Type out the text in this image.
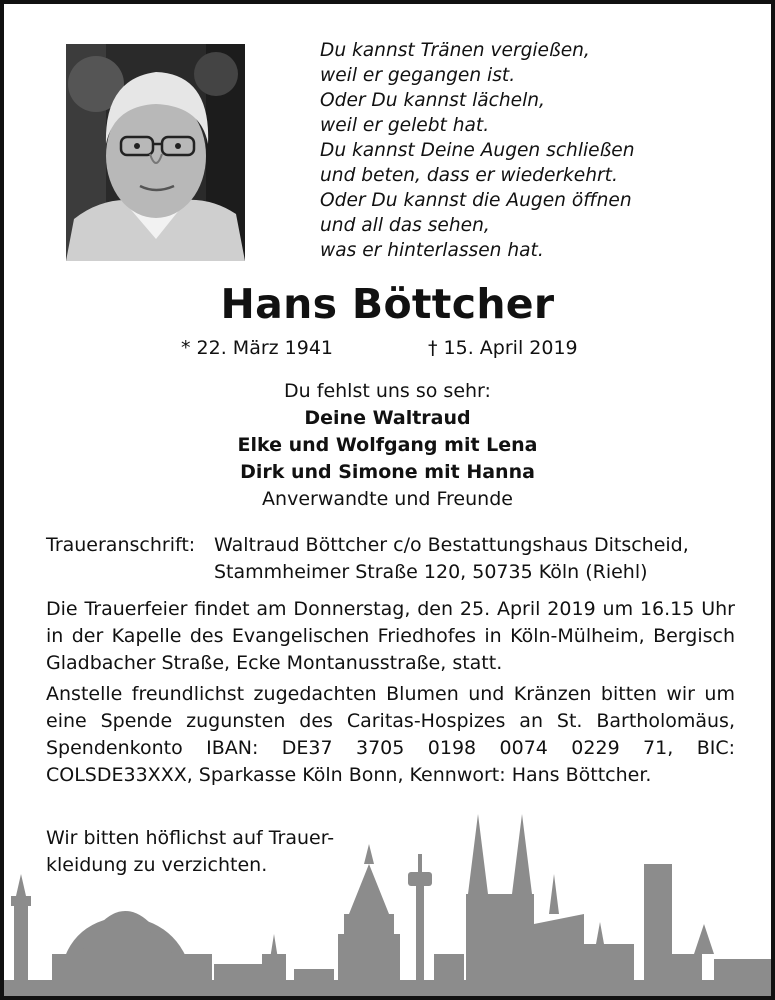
Du kannst Tränen vergießen,
weil er gegangen ist.
Oder Du kannst lächeln,
weil er gelebt hat.
Du kannst Deine Augen schließen
und beten, dass er wiederkehrt.
Oder Du kannst die Augen öffnen
und all das sehen,
was er hinterlassen hat.
Hans Böttcher
* 22. März 1941	† 15. April 2019
Du fehlst uns so sehr:
Deine Waltraud
Elke und Wolfgang mit Lena
Dirk und Simone mit Hanna
Anverwandte und Freunde
Traueranschrift: Waltraud Böttcher c/o Bestattungshaus Ditscheid,
Stammheimer Straße 120, 50735 Köln (Riehl)
Die Trauerfeier findet am Donnerstag, den 25. April 2019 um 16.15 Uhr in der Kapelle des Evangelischen Friedhofes in Köln-Mülheim, Bergisch Gladbacher Straße, Ecke Montanusstraße, statt.
Anstelle freundlichst zugedachten Blumen und Kränzen bitten wir um eine Spende zugunsten des Caritas-Hospizes an St. Bartholomäus, Spendenkonto IBAN: DE37 3705 0198 0074 0229 71, BIC: COLSDE33XXX, Sparkasse Köln Bonn, Kennwort: Hans Böttcher.
Wir bitten höflichst auf Trauer-kleidung zu verzichten.
